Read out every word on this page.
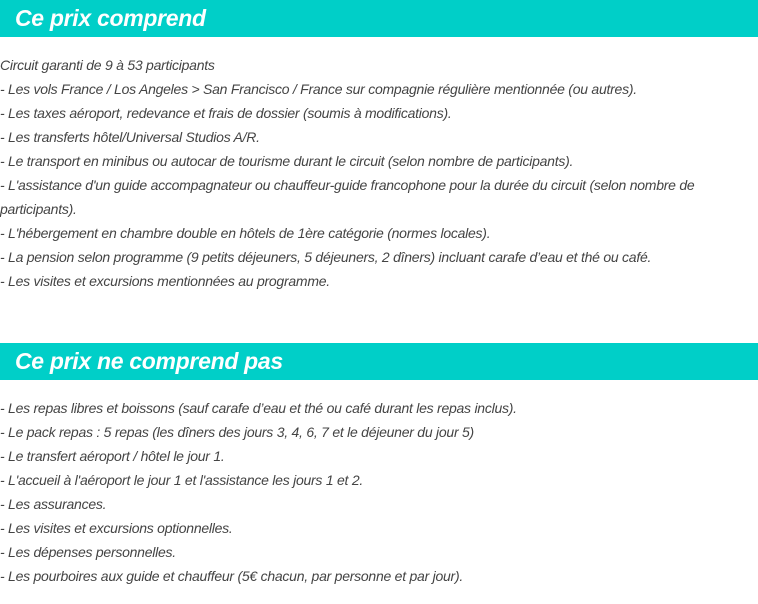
Ce prix comprend
Circuit garanti de 9 à 53 participants
- Les vols France / Los Angeles > San Francisco / France sur compagnie régulière mentionnée (ou autres).
- Les taxes aéroport, redevance et frais de dossier (soumis à modifications).
- Les transferts hôtel/Universal Studios A/R.
- Le transport en minibus ou autocar de tourisme durant le circuit (selon nombre de participants).
- L'assistance d'un guide accompagnateur ou chauffeur-guide francophone pour la durée du circuit (selon nombre de participants).
- L'hébergement en chambre double en hôtels de 1ère catégorie (normes locales).
- La pension selon programme (9 petits déjeuners, 5 déjeuners, 2 dîners) incluant carafe d’eau et thé ou café.
- Les visites et excursions mentionnées au programme.
Ce prix ne comprend pas
- Les repas libres et boissons (sauf carafe d’eau et thé ou café durant les repas inclus).
- Le pack repas : 5 repas (les dîners des jours 3, 4, 6, 7 et le déjeuner du jour 5)
- Le transfert aéroport / hôtel le jour 1.
- L'accueil à l'aéroport le jour 1 et l'assistance les jours 1 et 2.
- Les assurances.
- Les visites et excursions optionnelles.
- Les dépenses personnelles.
- Les pourboires aux guide et chauffeur (5€ chacun, par personne et par jour).
